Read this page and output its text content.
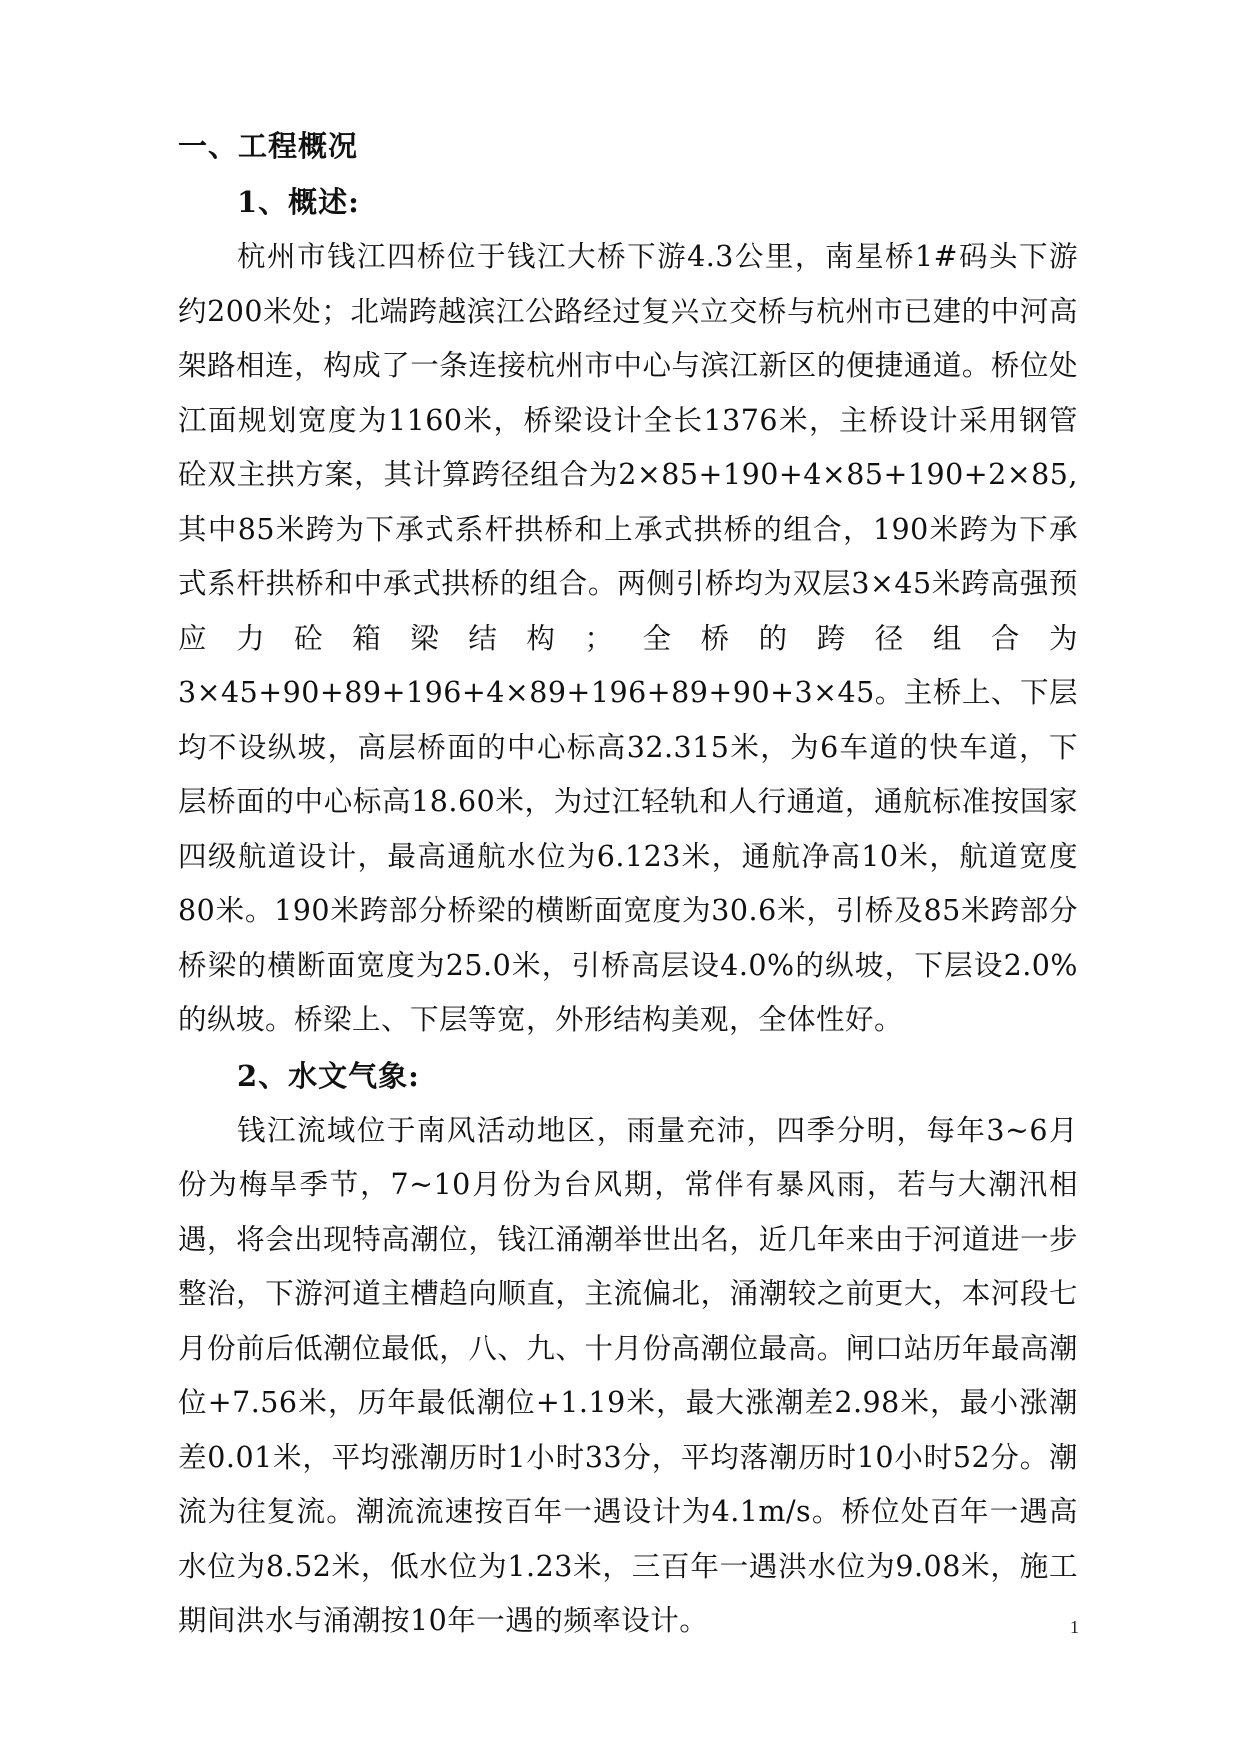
一、工程概况

1、概述:

杭州市钱江四桥位于钱江大桥下游4.3公里，南星桥1#码头下游约200米处；北端跨越滨江公路经过复兴立交桥与杭州市已建的中河高架路相连，构成了一条连接杭州市中心与滨江新区的便捷通道。桥位处江面规划宽度为1160米，桥梁设计全长1376米，主桥设计采用钢管砼双主拱方案，其计算跨径组合为2×85+190+4×85+190+2×85,其中85米跨为下承式系杆拱桥和上承式拱桥的组合，190米跨为下承式系杆拱桥和中承式拱桥的组合。两侧引桥均为双层3×45米跨高强预应力砼箱梁结构；全桥的跨径组合为3×45+90+89+196+4×89+196+89+90+3×45。主桥上、下层均不设纵坡，高层桥面的中心标高32.315米，为6车道的快车道，下层桥面的中心标高18.60米，为过江轻轨和人行通道，通航标准按国家四级航道设计，最高通航水位为6.123米，通航净高10米，航道宽度80米。190米跨部分桥梁的横断面宽度为30.6米，引桥及85米跨部分桥梁的横断面宽度为25.0米，引桥高层设4.0%的纵坡，下层设2.0%的纵坡。桥梁上、下层等宽，外形结构美观，全体性好。

2、水文气象:

钱江流域位于南风活动地区，雨量充沛，四季分明，每年3~6月份为梅旱季节，7~10月份为台风期，常伴有暴风雨，若与大潮汛相遇，将会出现特高潮位，钱江涌潮举世出名，近几年来由于河道进一步整治，下游河道主槽趋向顺直，主流偏北，涌潮较之前更大，本河段七月份前后低潮位最低，八、九、十月份高潮位最高。闸口站历年最高潮位+7.56米，历年最低潮位+1.19米，最大涨潮差2.98米，最小涨潮差0.01米，平均涨潮历时1小时33分，平均落潮历时10小时52分。潮流为往复流。潮流流速按百年一遇设计为4.1m/s。桥位处百年一遇高水位为8.52米，低水位为1.23米，三百年一遇洪水位为9.08米，施工期间洪水与涌潮按10年一遇的频率设计。	1
